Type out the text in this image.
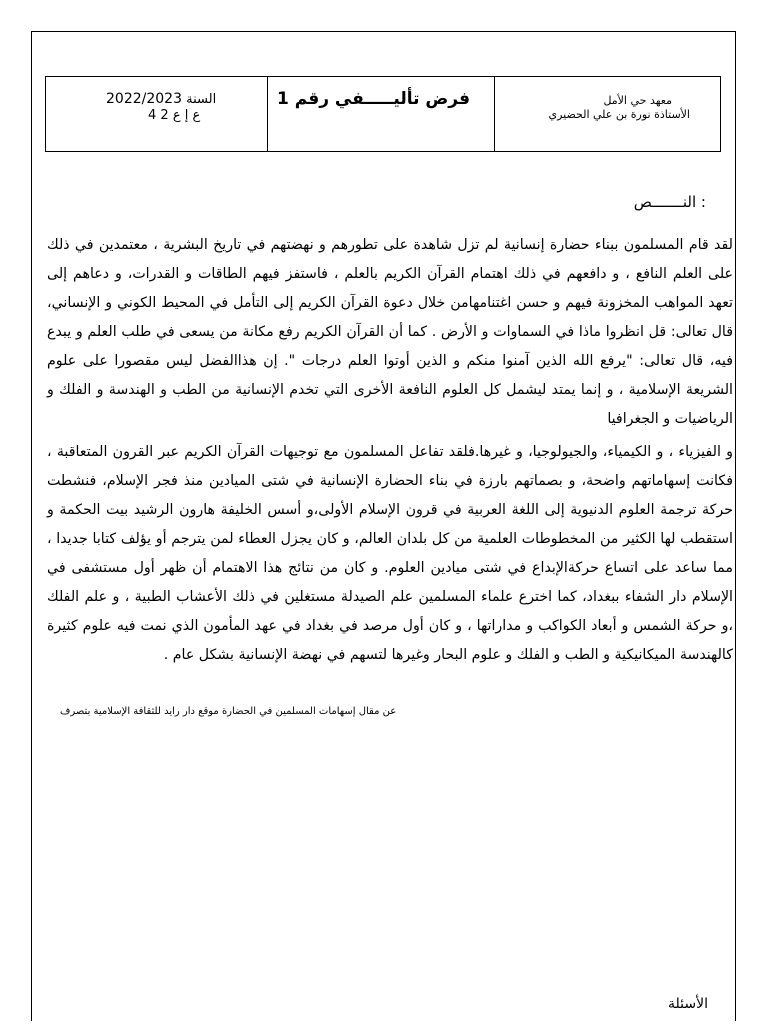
السنة 2022/2023
ع إ ع 2 4
فرض تأليـــــفي رقم 1	معهد حي الأمل
الأستاذة نورة بن علي الحضيري
: النـــــــص
لقد قام المسلمون ببناء حضارة إنسانية لم تزل شاهدة على تطورهم و نهضتهم في تاريخ البشرية ، معتمدين في ذلك على العلم النافع ، و دافعهم في ذلك اهتمام القرآن الكريم بالعلم ، فاستفز فيهم الطاقات و القدرات، و دعاهم إلى تعهد المواهب المخزونة فيهم و حسن اغتنامهامن خلال دعوة القرآن الكريم إلى التأمل في المحيط الكوني و الإنساني، قال تعالى: قل انظروا ماذا في السماوات و الأرض . كما أن القرآن الكريم رفع مكانة من يسعى في طلب العلم و يبدع فيه، قال تعالى: "يرفع الله الذين آمنوا منكم و الذين أوتوا العلم درجات ". إن هذاالفضل ليس مقصورا على علوم الشريعة الإسلامية ، و إنما يمتد ليشمل كل العلوم النافعة الأخرى التي تخدم الإنسانية من الطب و الهندسة و الفلك و الرياضيات و الجغرافيا
و الفيزياء ، و الكيمياء، والجيولوجيا، و غيرها.فلقد تفاعل المسلمون مع توجيهات القرآن الكريم عبر القرون المتعاقبة ، فكانت إسهاماتهم واضحة، و بصماتهم بارزة في بناء الحضارة الإنسانية في شتى الميادين منذ فجر الإسلام، فنشطت حركة ترجمة العلوم الدنيوية إلى اللغة العربية في قرون الإسلام الأولى،و أسس الخليفة هارون الرشيد بيت الحكمة و استقطب لها الكثير من المخطوطات العلمية من كل بلدان العالم، و كان يجزل العطاء لمن يترجم أو يؤلف كتابا جديدا ، مما ساعد على اتساع حركةالإبداع في شتى ميادين العلوم. و كان من نتائج هذا الاهتمام أن ظهر أول مستشفى في الإسلام دار الشفاء ببغداد، كما اخترع علماء المسلمين علم الصيدلة مستغلين في ذلك الأعشاب الطبية ، و علم الفلك ،و حركة الشمس و أبعاد الكواكب و مداراتها ، و كان أول مرصد في بغداد في عهد المأمون الذي نمت فيه علوم كثيرة كالهندسة الميكانيكية و الطب و الفلك و علوم البحار وغيرها لتسهم في نهضة الإنسانية بشكل عام .
عن مقال إسهامات المسلمين في الحضارة موقع دار رايد للثقافة الإسلامية بتصرف
الأسئلة
